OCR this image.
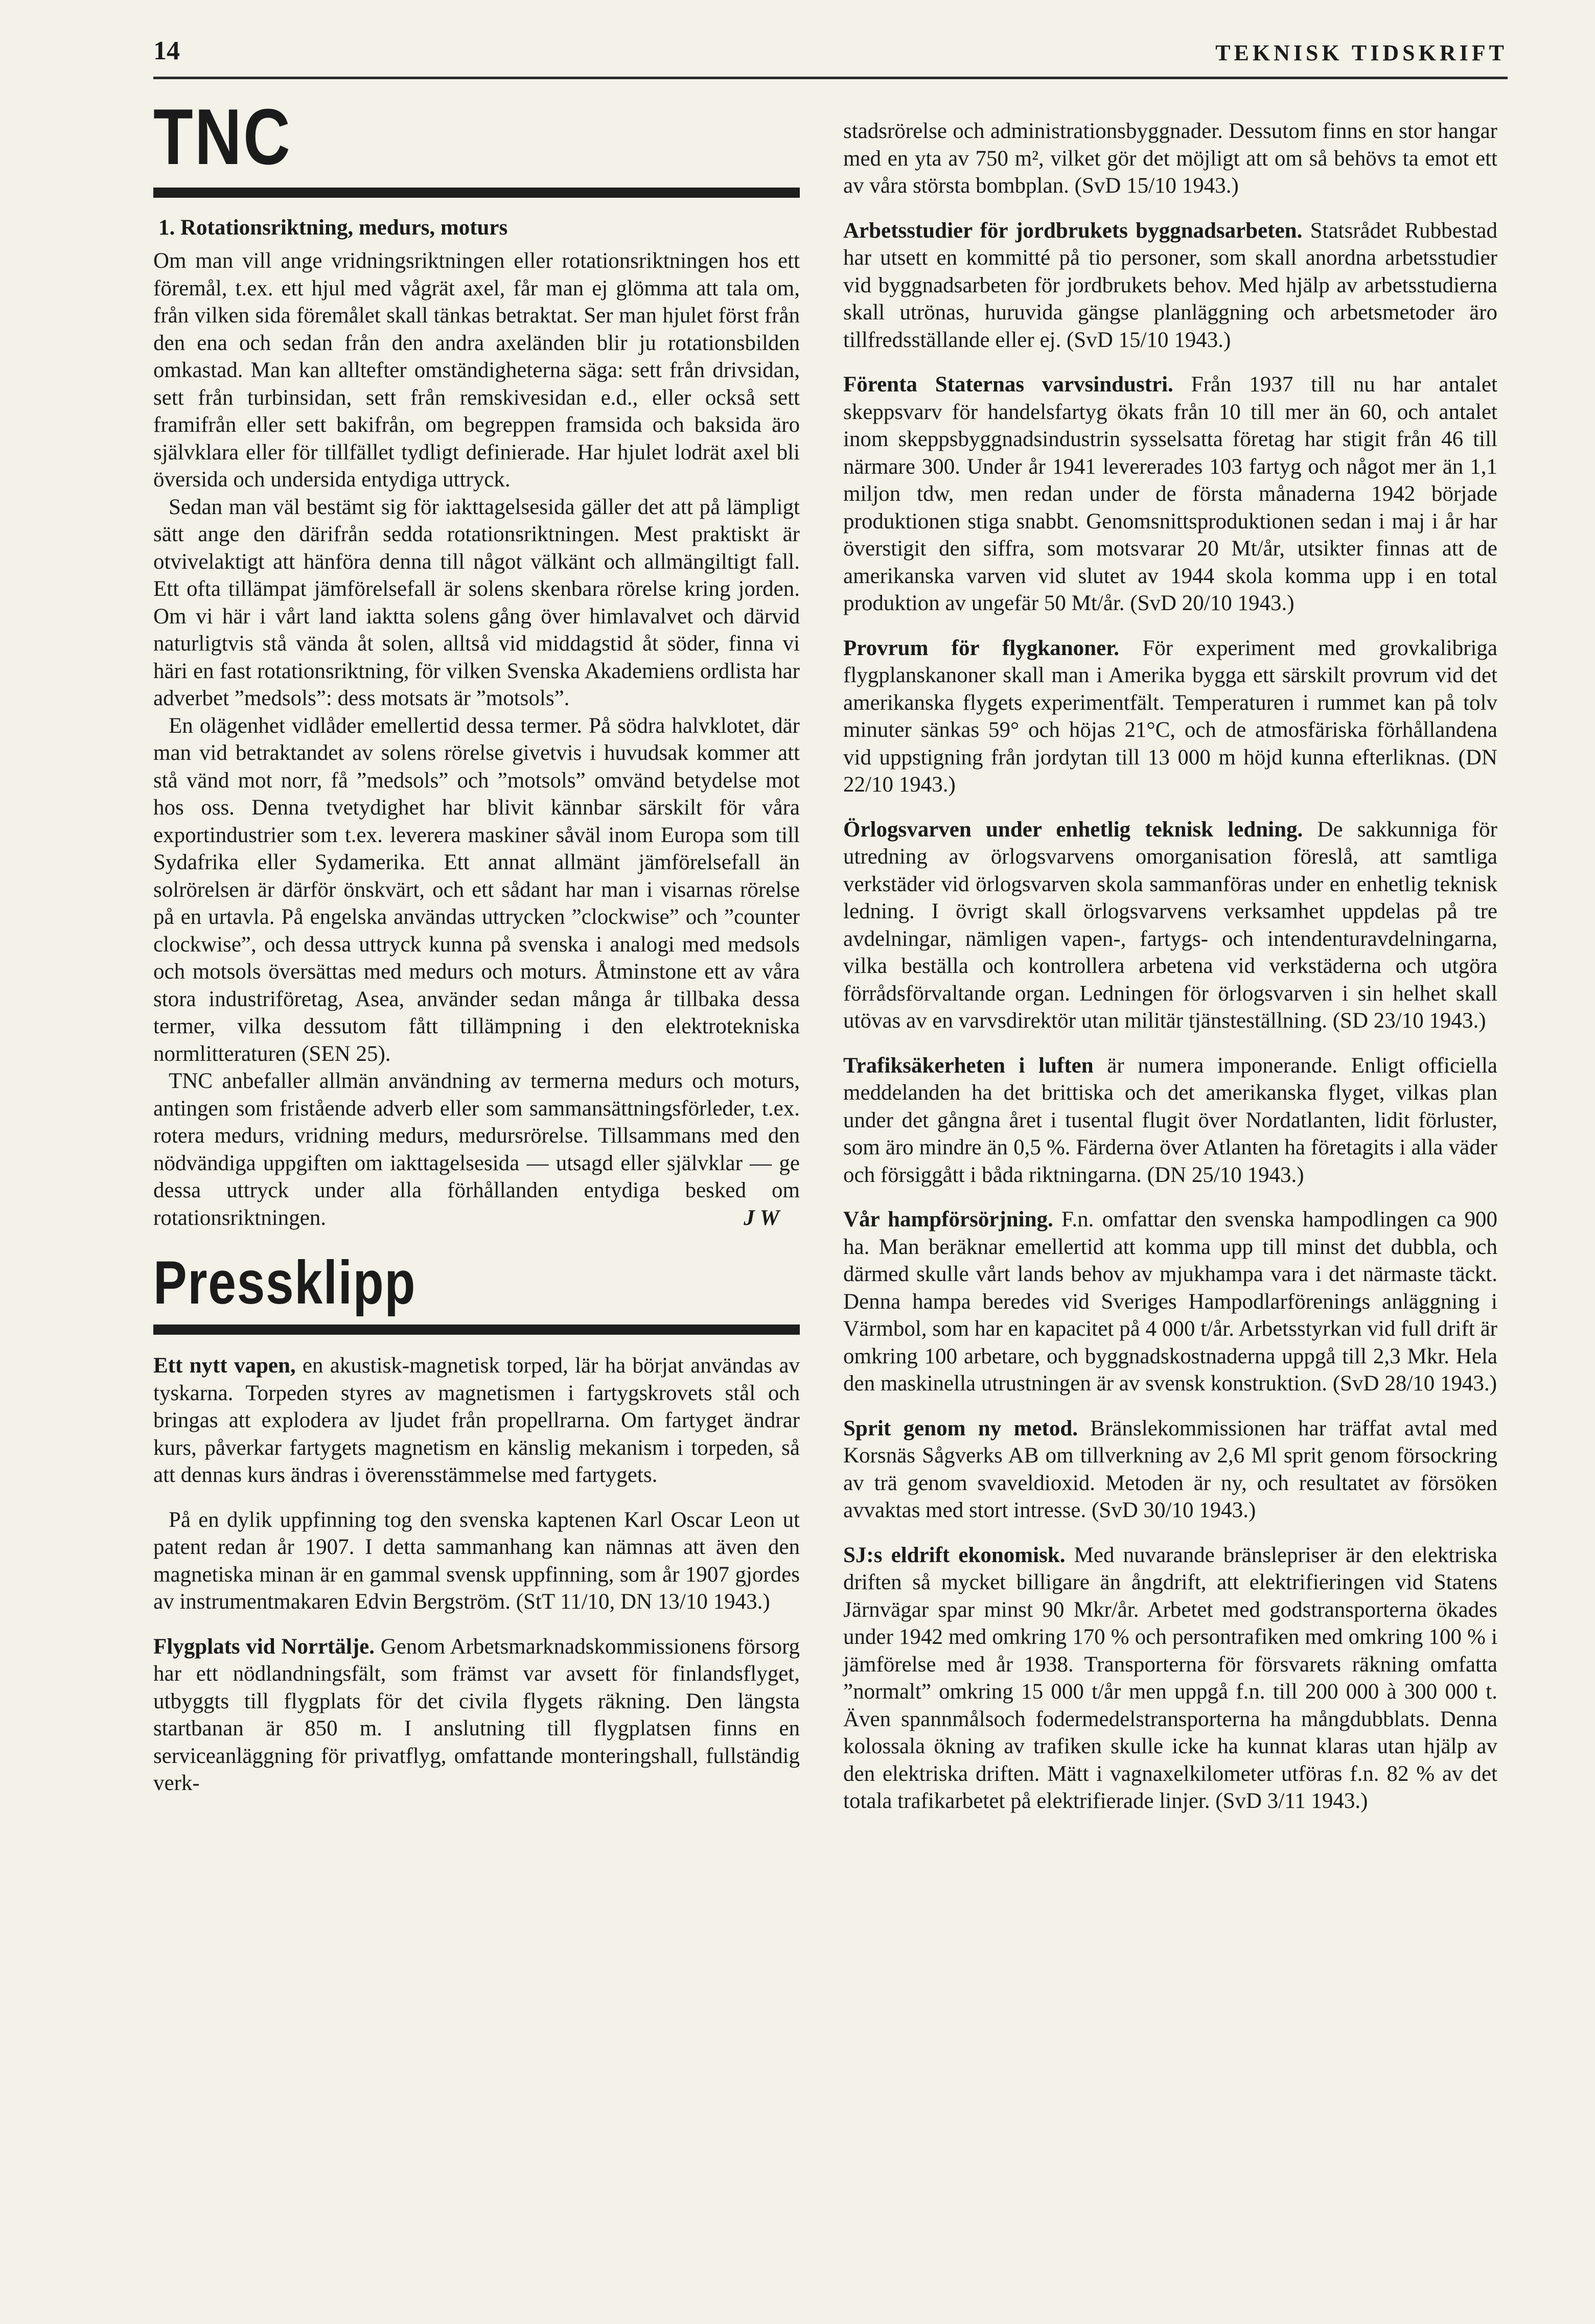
14	TEKNISK TIDSKRIFT
TNC
1. Rotationsriktning, medurs, moturs

Om man vill ange vridningsriktningen eller rotationsriktningen hos ett föremål, t.ex. ett hjul med vågrät axel, får man ej glömma att tala om, från vilken sida föremålet skall tänkas betraktat. Ser man hjulet först från den ena och sedan från den andra axeländen blir ju rotationsbilden omkastad. Man kan alltefter omständigheterna säga: sett från drivsidan, sett från turbinsidan, sett från remskivesidan e.d., eller också sett framifrån eller sett bakifrån, om begreppen framsida och baksida äro självklara eller för tillfället tydligt definierade. Har hjulet lodrät axel bli översida och undersida entydiga uttryck.

Sedan man väl bestämt sig för iakttagelsesida gäller det att på lämpligt sätt ange den därifrån sedda rotationsriktningen. Mest praktiskt är otvivelaktigt att hänföra denna till något välkänt och allmängiltigt fall. Ett ofta tillämpat jämförelsefall är solens skenbara rörelse kring jorden. Om vi här i vårt land iaktta solens gång över himlavalvet och därvid naturligtvis stå vända åt solen, alltså vid middagstid åt söder, finna vi häri en fast rotationsriktning, för vilken Svenska Akademiens ordlista har adverbet ”medsols”: dess motsats är ”motsols”.

En olägenhet vidlåder emellertid dessa termer. På södra halvklotet, där man vid betraktandet av solens rörelse givetvis i huvudsak kommer att stå vänd mot norr, få ”medsols” och ”motsols” omvänd betydelse mot hos oss. Denna tvetydighet har blivit kännbar särskilt för våra exportindustrier som t.ex. leverera maskiner såväl inom Europa som till Sydafrika eller Sydamerika. Ett annat allmänt jämförelsefall än solrörelsen är därför önskvärt, och ett sådant har man i visarnas rörelse på en urtavla. På engelska användas uttrycken ”clockwise” och ”counter clockwise”, och dessa uttryck kunna på svenska i analogi med medsols och motsols översättas med medurs och moturs. Åtminstone ett av våra stora industriföretag, Asea, använder sedan många år tillbaka dessa termer, vilka dessutom fått tillämpning i den elektrotekniska normlitteraturen (SEN 25).

TNC anbefaller allmän användning av termerna medurs och moturs, antingen som fristående adverb eller som sammansättningsförleder, t.ex. rotera medurs, vridning medurs, medursrörelse. Tillsammans med den nödvändiga uppgiften om iakttagelsesida — utsagd eller självklar — ge dessa uttryck under alla förhållanden entydiga besked om rotationsriktningen.	J W

Pressklipp

Ett nytt vapen, en akustisk-magnetisk torped, lär ha börjat användas av tyskarna. Torpeden styres av magnetismen i fartygskrovets stål och bringas att explodera av ljudet från propellrarna. Om fartyget ändrar kurs, påverkar fartygets magnetism en känslig mekanism i torpeden, så att dennas kurs ändras i överensstämmelse med fartygets.

På en dylik uppfinning tog den svenska kaptenen Karl Oscar Leon ut patent redan år 1907. I detta sammanhang kan nämnas att även den magnetiska minan är en gammal svensk uppfinning, som år 1907 gjordes av instrumentmakaren Edvin Bergström. (StT 11/10, DN 13/10 1943.)

Flygplats vid Norrtälje. Genom Arbetsmarknadskommissionens försorg har ett nödlandningsfält, som främst var avsett för finlandsflyget, utbyggts till flygplats för det civila flygets räkning. Den längsta startbanan är 850 m. I anslutning till flygplatsen finns en serviceanläggning för privatflyg, omfattande monteringshall, fullständig verk-

stadsrörelse och administrationsbyggnader. Dessutom finns en stor hangar med en yta av 750 m², vilket gör det möjligt att om så behövs ta emot ett av våra största bombplan. (SvD 15/10 1943.)

Arbetsstudier för jordbrukets byggnadsarbeten. Statsrådet Rubbestad har utsett en kommitté på tio personer, som skall anordna arbetsstudier vid byggnadsarbeten för jordbrukets behov. Med hjälp av arbetsstudierna skall utrönas, huruvida gängse planläggning och arbetsmetoder äro tillfredsställande eller ej. (SvD 15/10 1943.)

Förenta Staternas varvsindustri. Från 1937 till nu har antalet skeppsvarv för handelsfartyg ökats från 10 till mer än 60, och antalet inom skeppsbyggnadsindustrin sysselsatta företag har stigit från 46 till närmare 300. Under år 1941 levererades 103 fartyg och något mer än 1,1 miljon tdw, men redan under de första månaderna 1942 började produktionen stiga snabbt. Genomsnittsproduktionen sedan i maj i år har överstigit den siffra, som motsvarar 20 Mt/år, utsikter finnas att de amerikanska varven vid slutet av 1944 skola komma upp i en total produktion av ungefär 50 Mt/år. (SvD 20/10 1943.)

Provrum för flygkanoner. För experiment med grovkalibriga flygplanskanoner skall man i Amerika bygga ett särskilt provrum vid det amerikanska flygets experimentfält. Temperaturen i rummet kan på tolv minuter sänkas 59° och höjas 21°C, och de atmosfäriska förhållandena vid uppstigning från jordytan till 13 000 m höjd kunna efterliknas. (DN 22/10 1943.)

Örlogsvarven under enhetlig teknisk ledning. De sakkunniga för utredning av örlogsvarvens omorganisation föreslå, att samtliga verkstäder vid örlogsvarven skola sammanföras under en enhetlig teknisk ledning. I övrigt skall örlogsvarvens verksamhet uppdelas på tre avdelningar, nämligen vapen-, fartygs- och intendenturavdelningarna, vilka beställa och kontrollera arbetena vid verkstäderna och utgöra förrådsförvaltande organ. Ledningen för örlogsvarven i sin helhet skall utövas av en varvsdirektör utan militär tjänsteställning. (SD 23/10 1943.)

Trafiksäkerheten i luften är numera imponerande. Enligt officiella meddelanden ha det brittiska och det amerikanska flyget, vilkas plan under det gångna året i tusental flugit över Nordatlanten, lidit förluster, som äro mindre än 0,5 %. Färderna över Atlanten ha företagits i alla väder och försiggått i båda riktningarna. (DN 25/10 1943.)

Vår hampförsörjning. F.n. omfattar den svenska hampodlingen ca 900 ha. Man beräknar emellertid att komma upp till minst det dubbla, och därmed skulle vårt lands behov av mjukhampa vara i det närmaste täckt. Denna hampa beredes vid Sveriges Hampodlarförenings anläggning i Värmbol, som har en kapacitet på 4 000 t/år. Arbetsstyrkan vid full drift är omkring 100 arbetare, och byggnadskostnaderna uppgå till 2,3 Mkr. Hela den maskinella utrustningen är av svensk konstruktion. (SvD 28/10 1943.)

Sprit genom ny metod. Bränslekommissionen har träffat avtal med Korsnäs Sågverks AB om tillverkning av 2,6 Ml sprit genom försockring av trä genom svaveldioxid. Metoden är ny, och resultatet av försöken avvaktas med stort intresse. (SvD 30/10 1943.)

SJ:s eldrift ekonomisk. Med nuvarande bränslepriser är den elektriska driften så mycket billigare än ångdrift, att elektrifieringen vid Statens Järnvägar spar minst 90 Mkr/år. Arbetet med godstransporterna ökades under 1942 med omkring 170 % och persontrafiken med omkring 100 % i jämförelse med år 1938. Transporterna för försvarets räkning omfatta ”normalt” omkring 15 000 t/år men uppgå f.n. till 200 000 à 300 000 t. Även spannmålsoch fodermedelstransporterna ha mångdubblats. Denna kolossala ökning av trafiken skulle icke ha kunnat klaras utan hjälp av den elektriska driften. Mätt i vagnaxelkilometer utföras f.n. 82 % av det totala trafikarbetet på elektrifierade linjer. (SvD 3/11 1943.)
